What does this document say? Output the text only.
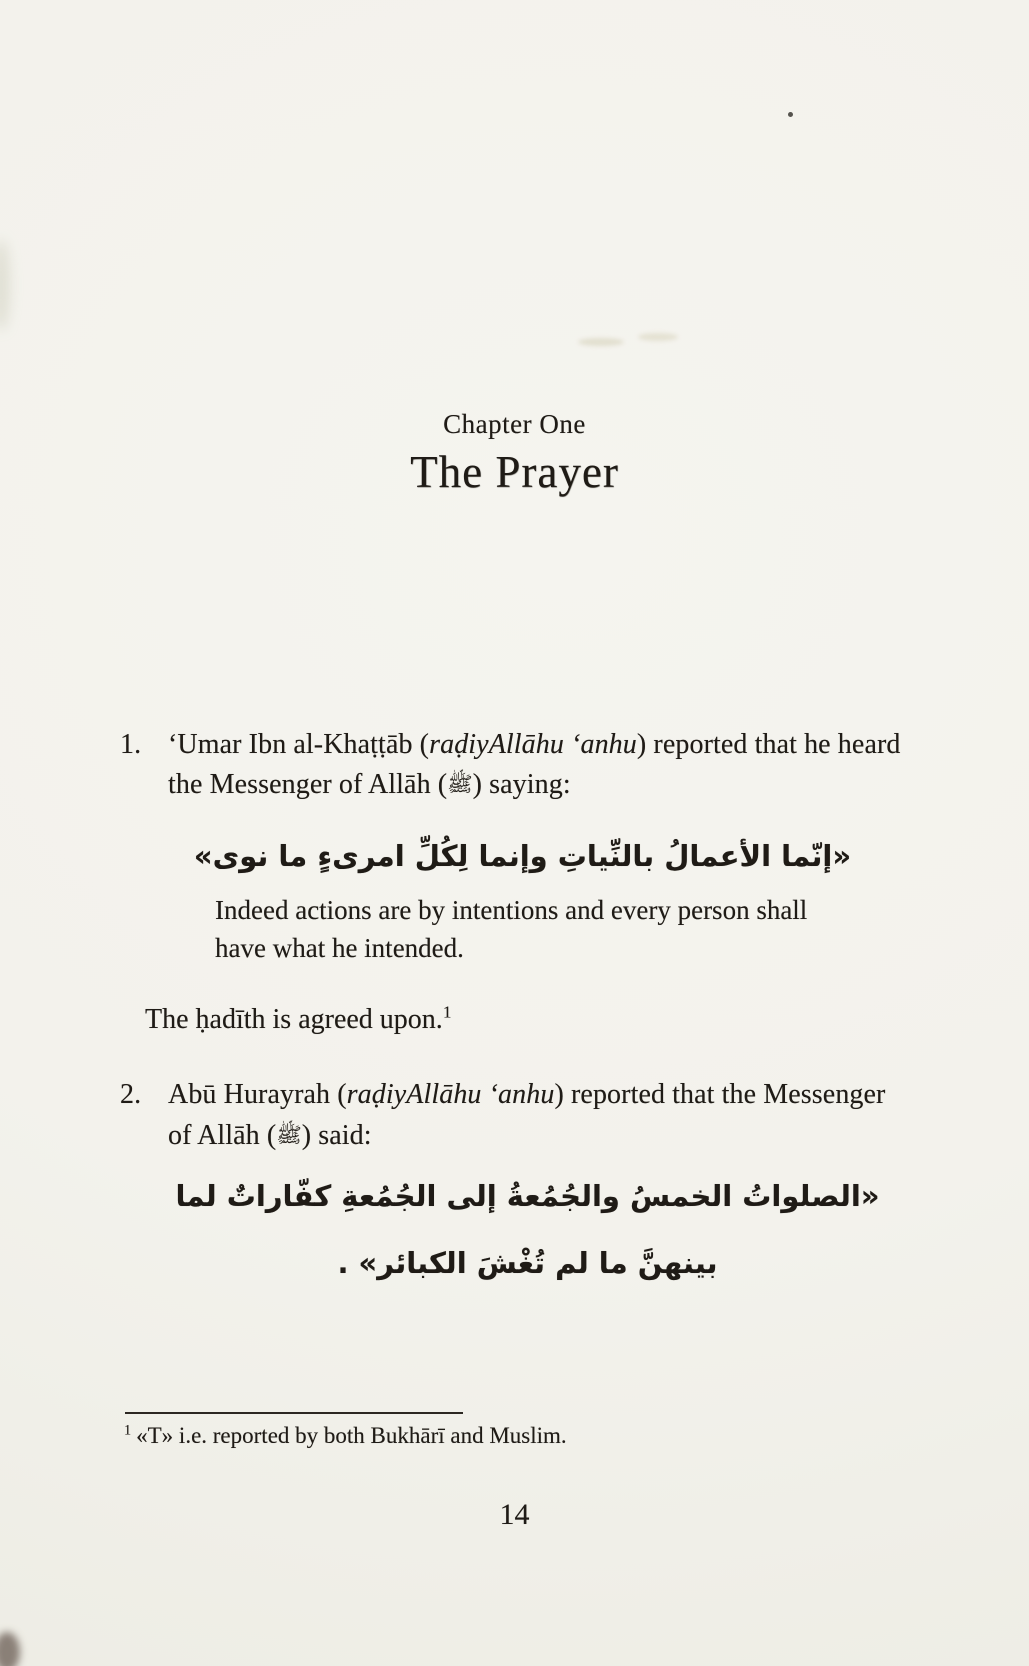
Chapter One
The Prayer
1. ‘Umar Ibn al-Khaṭṭāb (raḍiyAllāhu ‘anhu) reported that he heard
the Messenger of Allāh (ﷺ) saying:
«إنّما الأعمالُ بالنِّياتِ وإنما لِكُلِّ امرىءٍ ما نوى»
Indeed actions are by intentions and every person shall
have what he intended.
The ḥadīth is agreed upon.$^1$
2. Abū Hurayrah (raḍiyAllāhu ‘anhu) reported that the Messenger
of Allāh (ﷺ) said:
«الصلواتُ الخمسُ والجُمُعةُ إلى الجُمُعةِ كفّاراتٌ لما
بينهنَّ ما لم تُغْشَ الكبائر» .
$^1$ «T» i.e. reported by both Bukhārī and Muslim.
14
